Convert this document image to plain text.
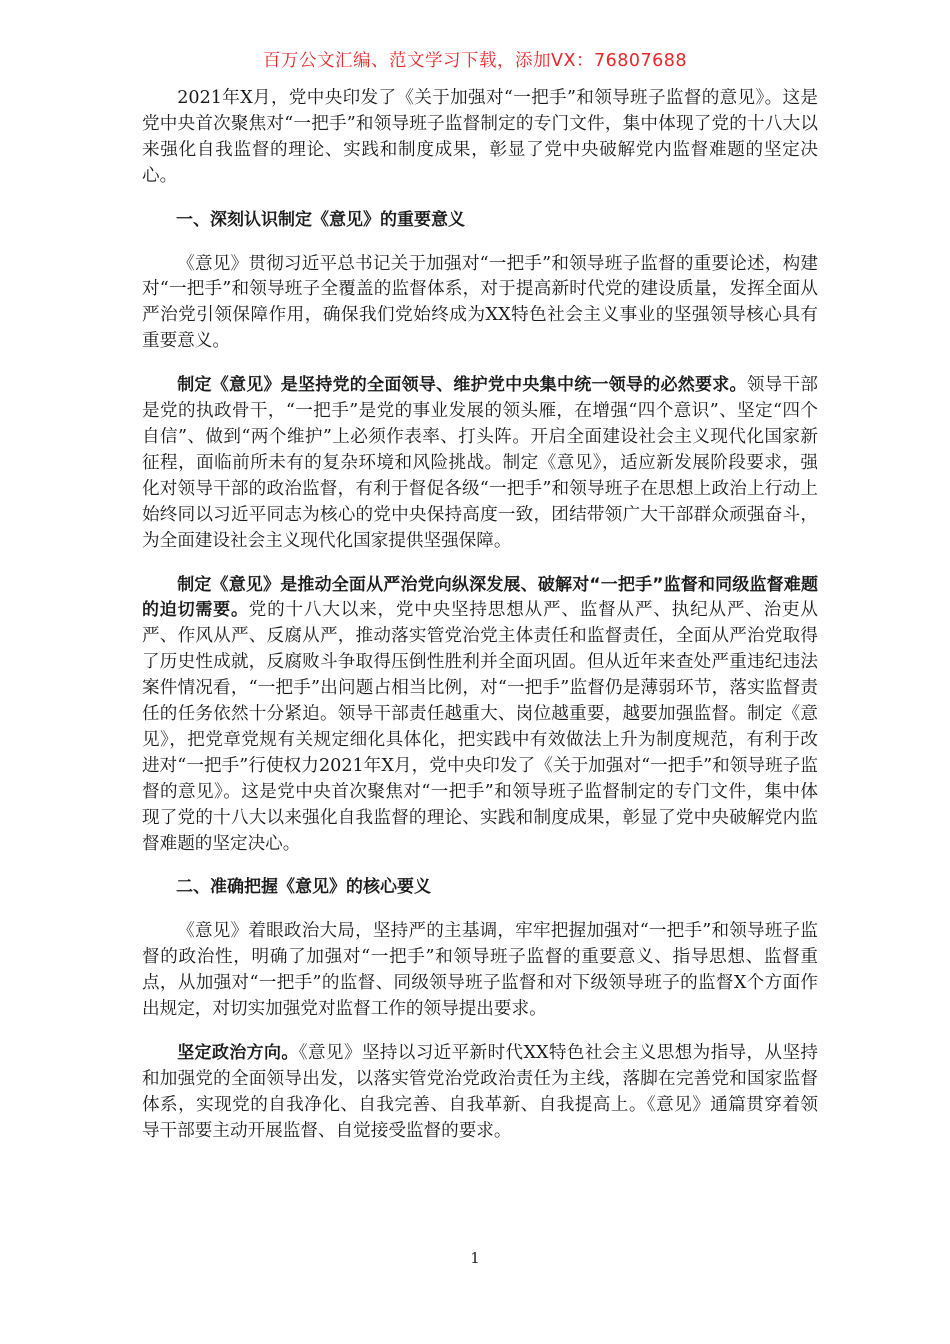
百万公文汇编、范文学习下载，添加VX：76807688

2021年X月，党中央印发了《关于加强对“一把手”和领导班子监督的意见》。这是党中央首次聚焦对“一把手”和领导班子监督制定的专门文件，集中体现了党的十八大以来强化自我监督的理论、实践和制度成果，彰显了党中央破解党内监督难题的坚定决心。

一、深刻认识制定《意见》的重要意义

《意见》贯彻习近平总书记关于加强对“一把手”和领导班子监督的重要论述，构建对“一把手”和领导班子全覆盖的监督体系，对于提高新时代党的建设质量，发挥全面从严治党引领保障作用，确保我们党始终成为XX特色社会主义事业的坚强领导核心具有重要意义。

制定《意见》是坚持党的全面领导、维护党中央集中统一领导的必然要求。领导干部是党的执政骨干，“一把手”是党的事业发展的领头雁，在增强“四个意识”、坚定“四个自信”、做到“两个维护”上必须作表率、打头阵。开启全面建设社会主义现代化国家新征程，面临前所未有的复杂环境和风险挑战。制定《意见》，适应新发展阶段要求，强化对领导干部的政治监督，有利于督促各级“一把手”和领导班子在思想上政治上行动上始终同以习近平同志为核心的党中央保持高度一致，团结带领广大干部群众顽强奋斗，为全面建设社会主义现代化国家提供坚强保障。

制定《意见》是推动全面从严治党向纵深发展、破解对“一把手”监督和同级监督难题的迫切需要。党的十八大以来，党中央坚持思想从严、监督从严、执纪从严、治吏从严、作风从严、反腐从严，推动落实管党治党主体责任和监督责任，全面从严治党取得了历史性成就，反腐败斗争取得压倒性胜利并全面巩固。但从近年来查处严重违纪违法案件情况看，“一把手”出问题占相当比例，对“一把手”监督仍是薄弱环节，落实监督责任的任务依然十分紧迫。领导干部责任越重大、岗位越重要，越要加强监督。制定《意见》，把党章党规有关规定细化具体化，把实践中有效做法上升为制度规范，有利于改进对“一把手”行使权力2021年X月，党中央印发了《关于加强对“一把手”和领导班子监督的意见》。这是党中央首次聚焦对“一把手”和领导班子监督制定的专门文件，集中体现了党的十八大以来强化自我监督的理论、实践和制度成果，彰显了党中央破解党内监督难题的坚定决心。

二、准确把握《意见》的核心要义

《意见》着眼政治大局，坚持严的主基调，牢牢把握加强对“一把手”和领导班子监督的政治性，明确了加强对“一把手”和领导班子监督的重要意义、指导思想、监督重点，从加强对“一把手”的监督、同级领导班子监督和对下级领导班子的监督X个方面作出规定，对切实加强党对监督工作的领导提出要求。

坚定政治方向。《意见》坚持以习近平新时代XX特色社会主义思想为指导，从坚持和加强党的全面领导出发，以落实管党治党政治责任为主线，落脚在完善党和国家监督体系，实现党的自我净化、自我完善、自我革新、自我提高上。《意见》通篇贯穿着领导干部要主动开展监督、自觉接受监督的要求。

1
